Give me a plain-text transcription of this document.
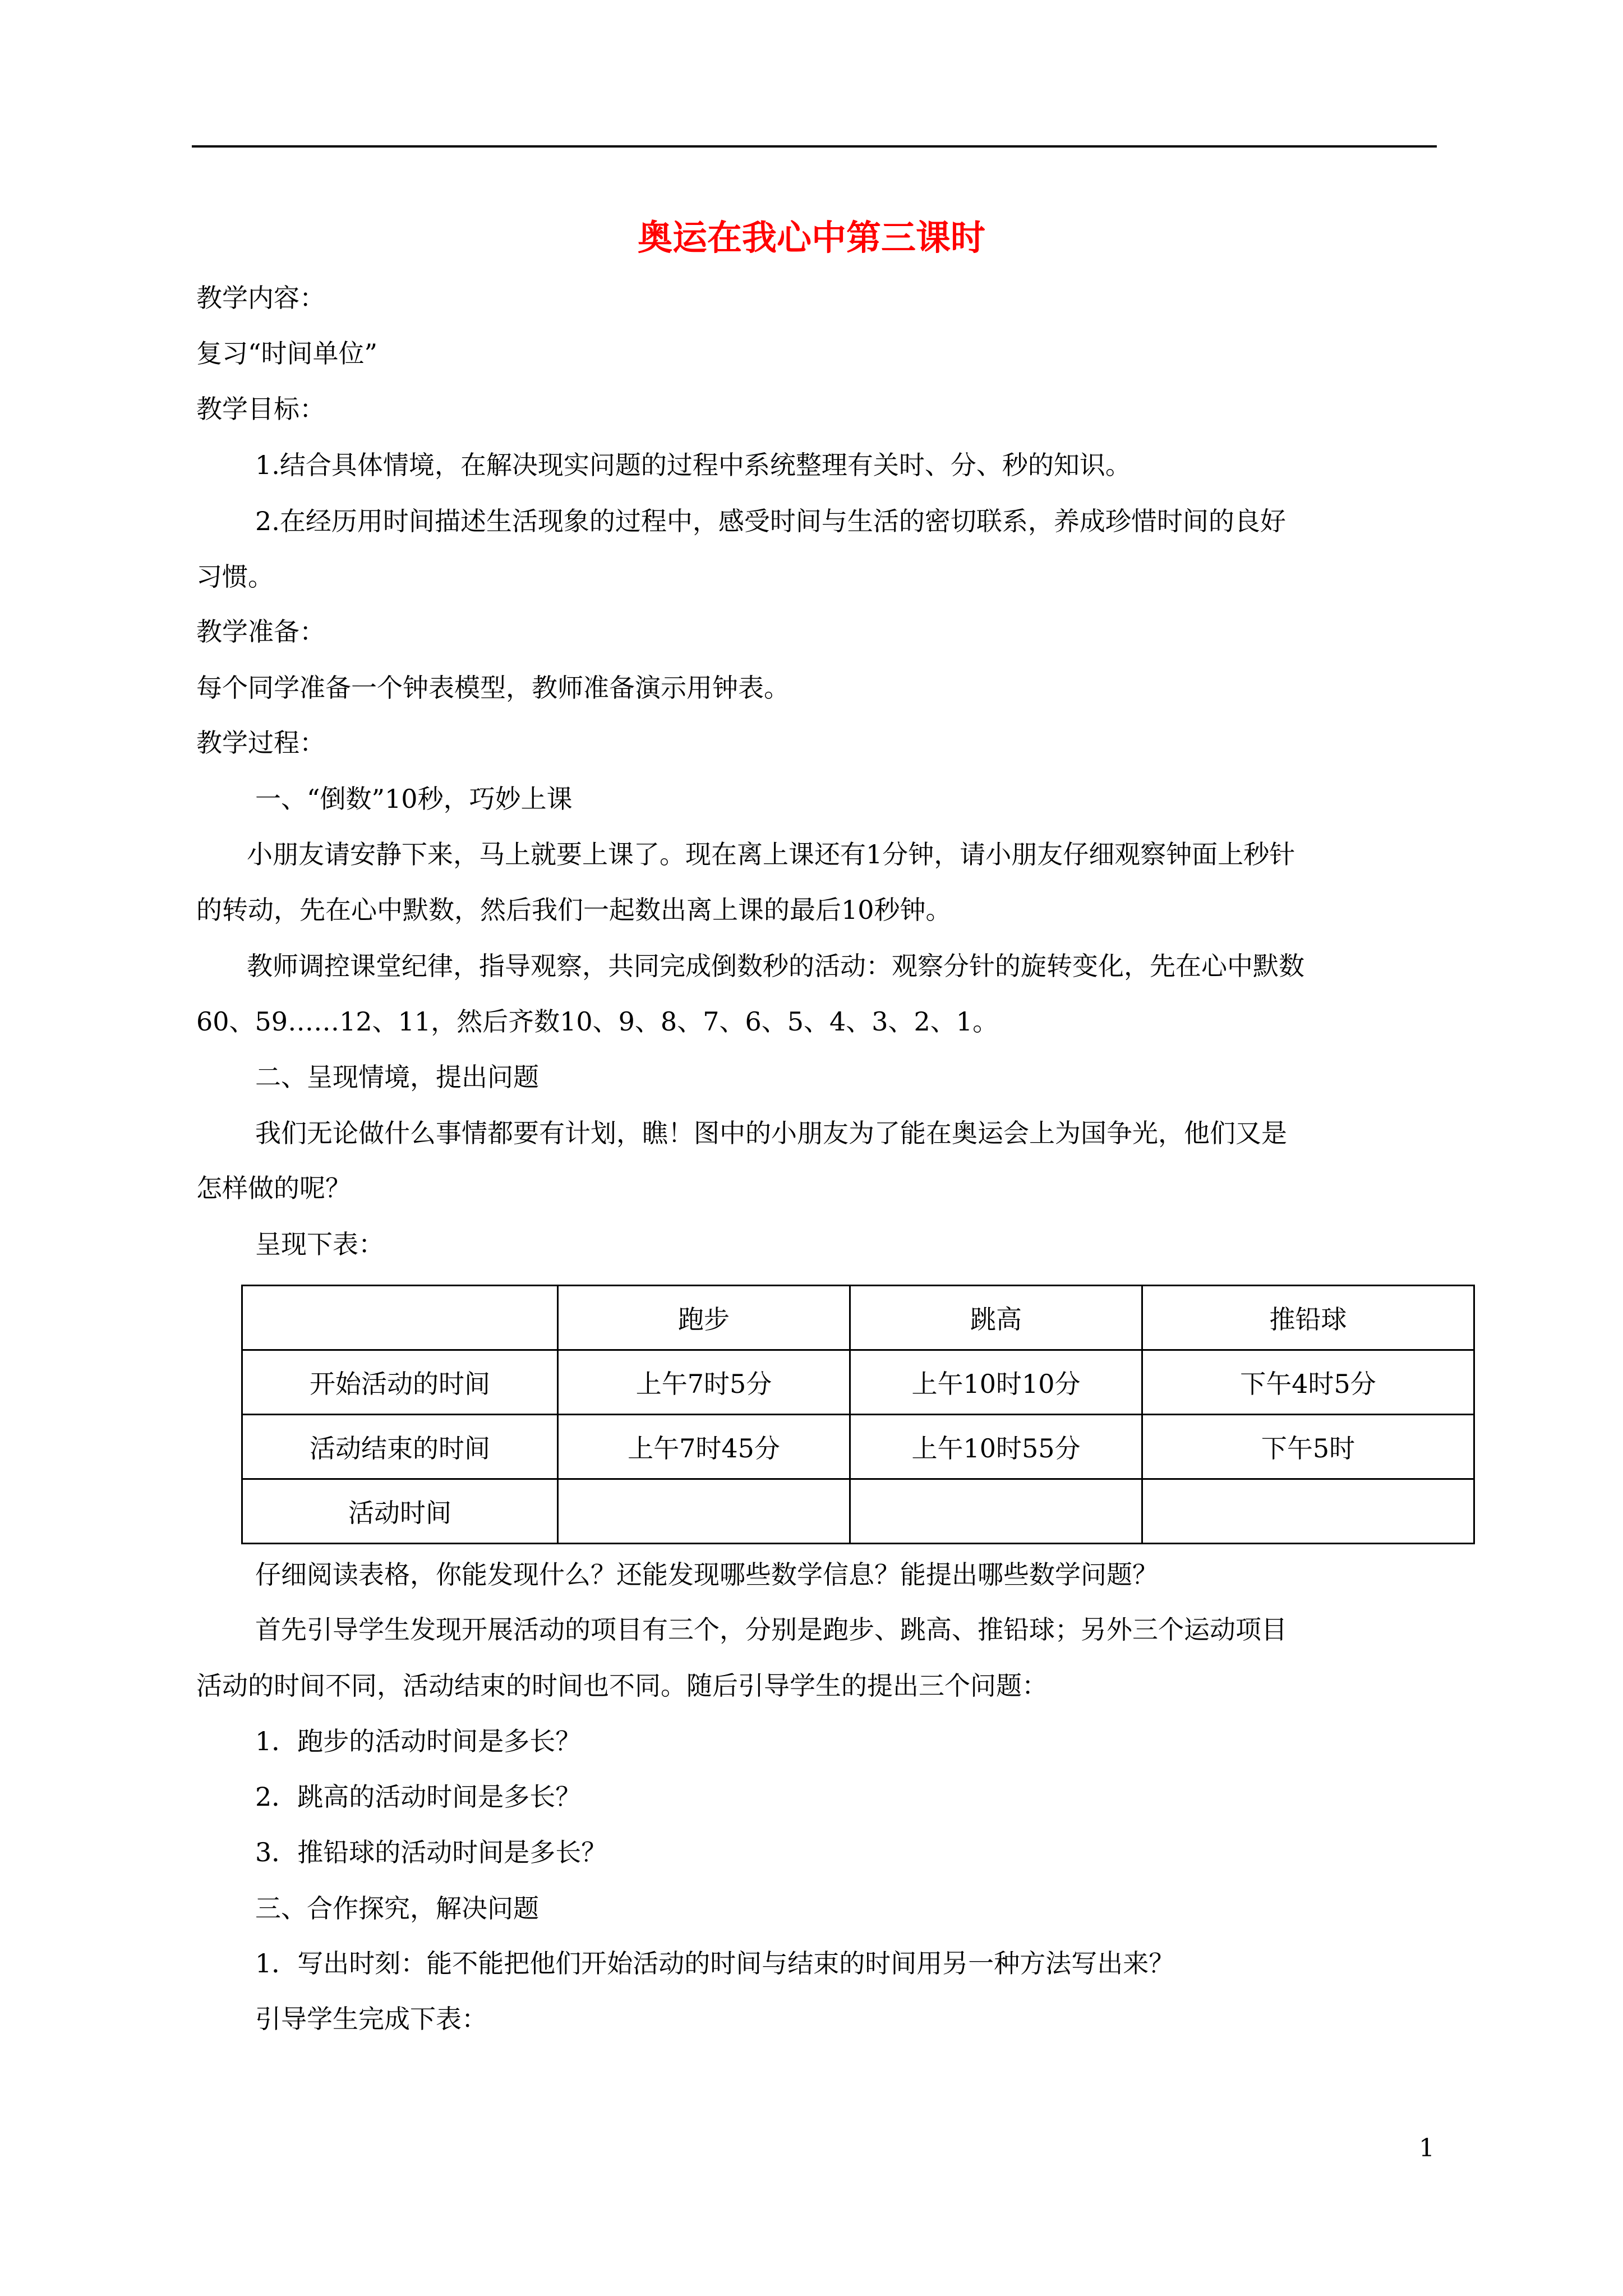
奥运在我心中第三课时
教学内容：
复习“时间单位”
教学目标：
1.结合具体情境，在解决现实问题的过程中系统整理有关时、分、秒的知识。
2.在经历用时间描述生活现象的过程中，感受时间与生活的密切联系，养成珍惜时间的良好
习惯。
教学准备：
每个同学准备一个钟表模型，教师准备演示用钟表。
教学过程：
一、“倒数”10秒，巧妙上课
小朋友请安静下来，马上就要上课了。现在离上课还有1分钟，请小朋友仔细观察钟面上秒针
的转动，先在心中默数，然后我们一起数出离上课的最后10秒钟。
教师调控课堂纪律，指导观察，共同完成倒数秒的活动：观察分针的旋转变化，先在心中默数
60、59……12、11，然后齐数10、9、8、7、6、5、4、3、2、1。
二、呈现情境，提出问题
我们无论做什么事情都要有计划，瞧！图中的小朋友为了能在奥运会上为国争光，他们又是
怎样做的呢？
呈现下表：
	跑步	跳高	推铅球
开始活动的时间	上午7时5分	上午10时10分	下午4时5分
活动结束的时间	上午7时45分	上午10时55分	下午5时
活动时间			
仔细阅读表格，你能发现什么？还能发现哪些数学信息？能提出哪些数学问题？
首先引导学生发现开展活动的项目有三个，分别是跑步、跳高、推铅球；另外三个运动项目
活动的时间不同，活动结束的时间也不同。随后引导学生的提出三个问题：
1．跑步的活动时间是多长？
2．跳高的活动时间是多长？
3．推铅球的活动时间是多长？
三、合作探究，解决问题
1．写出时刻：能不能把他们开始活动的时间与结束的时间用另一种方法写出来？
引导学生完成下表：
1
